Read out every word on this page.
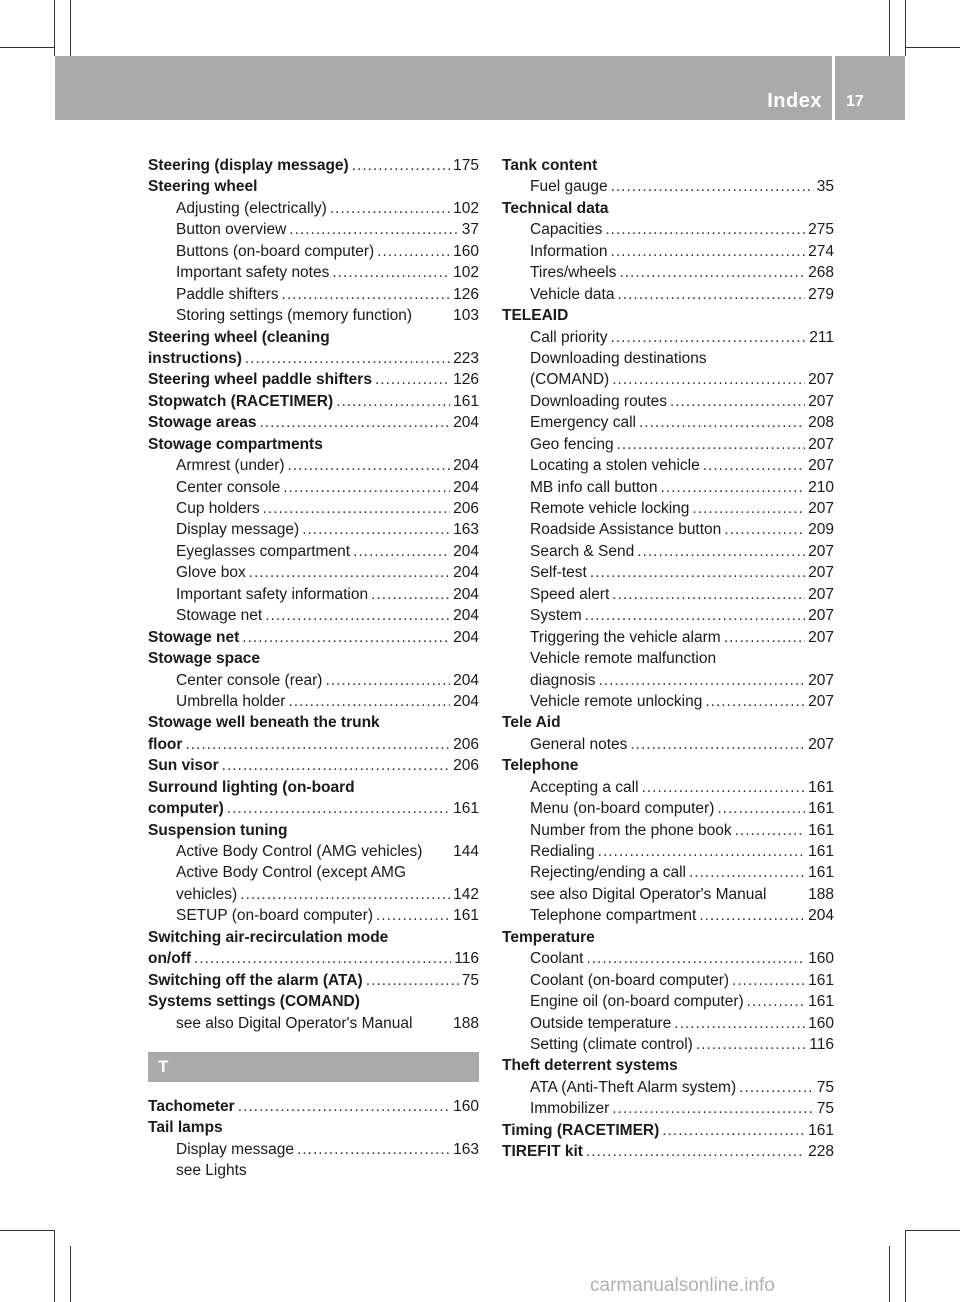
Index 17
Steering (display message) .....	175
Steering wheel
Adjusting (electrically) .....	102
Button overview .....	37
Buttons (on-board computer) .....	160
Important safety notes .....	102
Paddle shifters .....	126
Storing settings (memory function)	103
Steering wheel (cleaning
instructions) .....	223
Steering wheel paddle shifters .....	126
Stopwatch (RACETIMER) .....	161
Stowage areas .....	204
Stowage compartments
Armrest (under) .....	204
Center console .....	204
Cup holders .....	206
Display message) .....	163
Eyeglasses compartment .....	204
Glove box .....	204
Important safety information .....	204
Stowage net .....	204
Stowage net .....	204
Stowage space
Center console (rear) .....	204
Umbrella holder .....	204
Stowage well beneath the trunk
floor .....	206
Sun visor .....	206
Surround lighting (on-board
computer) .....	161
Suspension tuning
Active Body Control (AMG vehicles) 144
Active Body Control (except AMG
vehicles) .....	142
SETUP (on-board computer) .....	161
Switching air-recirculation mode
on/off .....	116
Switching off the alarm (ATA) .....	75
Systems settings (COMAND)
see also Digital Operator's Manual	188
T
Tachometer .....	160
Tail lamps
Display message .....	163
see Lights
Tank content
Fuel gauge .....	35
Technical data
Capacities .....	275
Information .....	274
Tires/wheels .....	268
Vehicle data .....	279
TELEAID
Call priority .....	211
Downloading destinations
(COMAND) .....	207
Downloading routes .....	207
Emergency call .....	208
Geo fencing .....	207
Locating a stolen vehicle .....	207
MB info call button .....	210
Remote vehicle locking .....	207
Roadside Assistance button .....	209
Search & Send .....	207
Self-test .....	207
Speed alert .....	207
System .....	207
Triggering the vehicle alarm .....	207
Vehicle remote malfunction
diagnosis .....	207
Vehicle remote unlocking .....	207
Tele Aid
General notes .....	207
Telephone
Accepting a call .....	161
Menu (on-board computer) .....	161
Number from the phone book .....	161
Redialing .....	161
Rejecting/ending a call .....	161
see also Digital Operator's Manual	188
Telephone compartment .....	204
Temperature
Coolant .....	160
Coolant (on-board computer) .....	161
Engine oil (on-board computer) .....	161
Outside temperature .....	160
Setting (climate control) .....	116
Theft deterrent systems
ATA (Anti-Theft Alarm system) .....	75
Immobilizer .....	75
Timing (RACETIMER) .....	161
TIREFIT kit .....	228
carmanualsonline.info
